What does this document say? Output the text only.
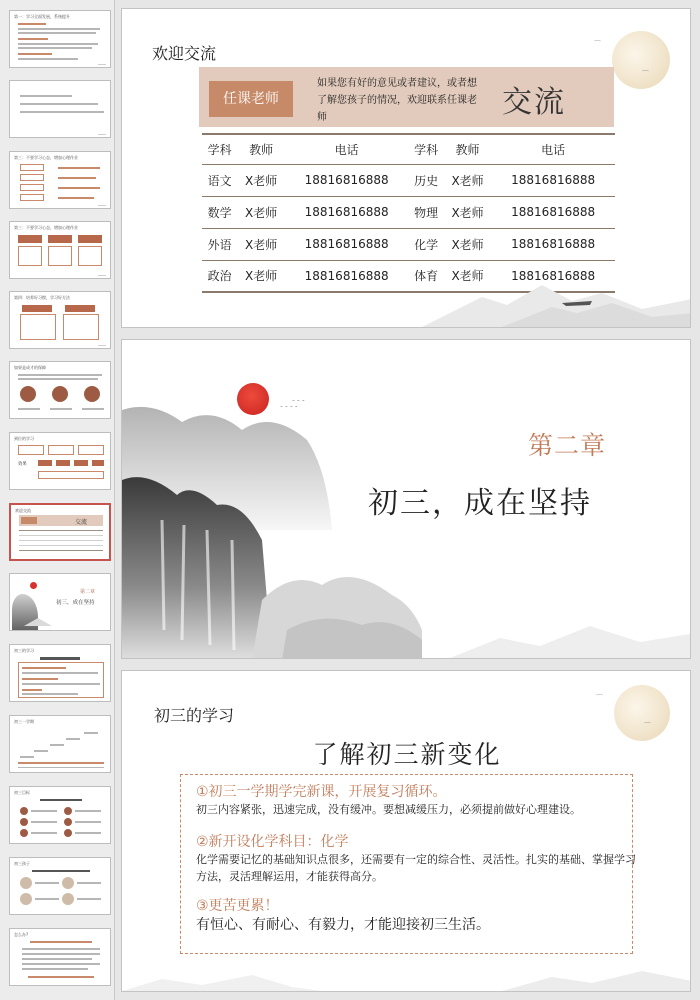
第一：学习全面发展，系统提升
第三：不要学习心态，增加心理作业
第三：不要学习心态，增加心理作业
第四：培养好习惯，学习好方法
如果是成才的保障
到位的学习
效果
欢迎交流
交流
第二章
初三，成在坚持
初三的学习
初三一学期
初三目标
初三孩子
怎么办?
⌒
⌒
欢迎交流
任课老师
如果您有好的意见或者建议，或者想了解您孩子的情况，欢迎联系任课老师	交流
学科	教师	电话	学科	教师	电话
语文	X老师	18816816888	历史	X老师	18816816888
数学	X老师	18816816888	物理	X老师	18816816888
外语	X老师	18816816888	化学	X老师	18816816888
政治	X老师	18816816888	体育	X老师	18816816888
˘ ˘ ˘
˘ ˘ ˘ ˘
第二章
初三，成在坚持
⌒
⌒
初三的学习
了解初三新变化
①初三一学期学完新课，开展复习循环。
初三内容紧张，迅速完成，没有缓冲。要想减缓压力，必须提前做好心理建设。
②新开设化学科目：化学
化学需要记忆的基础知识点很多，还需要有一定的综合性、灵活性。扎实的基础、掌握学习方法，灵活理解运用，才能获得高分。
③更苦更累！
有恒心、有耐心、有毅力，才能迎接初三生活。
